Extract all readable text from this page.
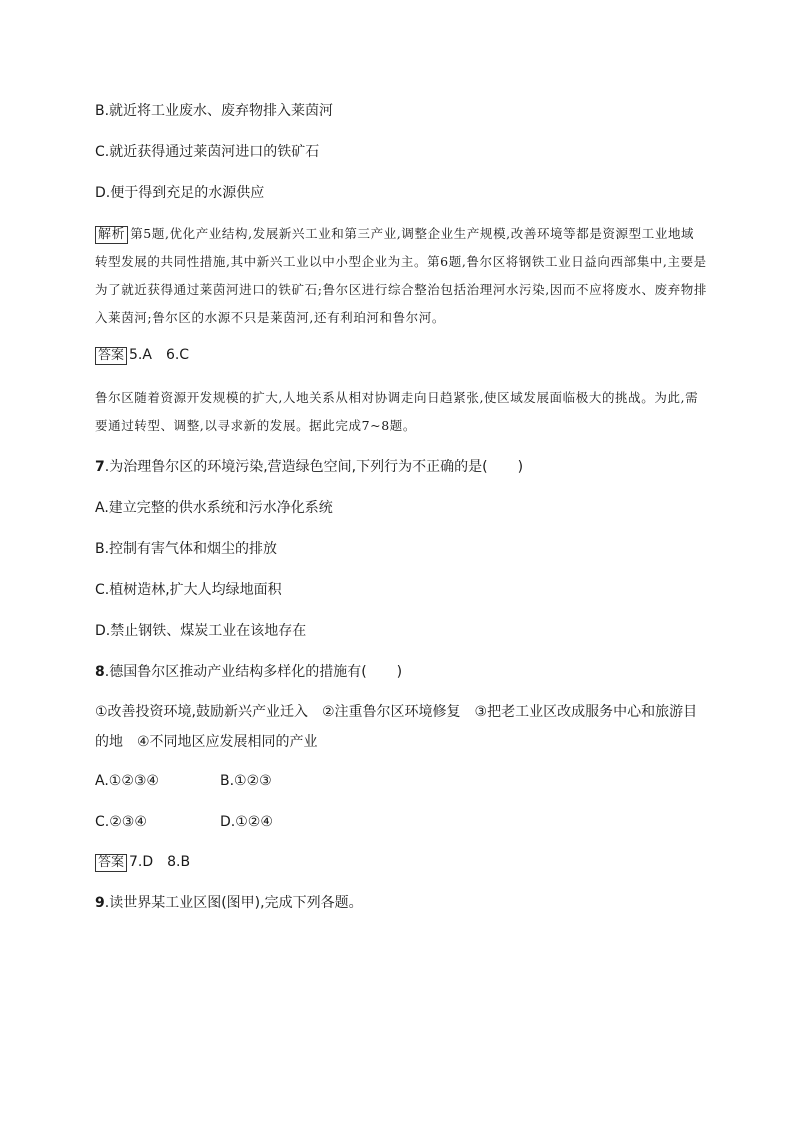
B.就近将工业废水、废弃物排入莱茵河
C.就近获得通过莱茵河进口的铁矿石
D.便于得到充足的水源供应
解析 第5题,优化产业结构,发展新兴工业和第三产业,调整企业生产规模,改善环境等都是资源型工业地域转型发展的共同性措施,其中新兴工业以中小型企业为主。第6题,鲁尔区将钢铁工业日益向西部集中,主要是为了就近获得通过莱茵河进口的铁矿石;鲁尔区进行综合整治包括治理河水污染,因而不应将废水、废弃物排入莱茵河;鲁尔区的水源不只是莱茵河,还有利珀河和鲁尔河。
答案 5.A　6.C
鲁尔区随着资源开发规模的扩大,人地关系从相对协调走向日趋紧张,使区域发展面临极大的挑战。为此,需要通过转型、调整,以寻求新的发展。据此完成7~8题。
7.为治理鲁尔区的环境污染,营造绿色空间,下列行为不正确的是( )
A.建立完整的供水系统和污水净化系统
B.控制有害气体和烟尘的排放
C.植树造林,扩大人均绿地面积
D.禁止钢铁、煤炭工业在该地存在
8.德国鲁尔区推动产业结构多样化的措施有( )
①改善投资环境,鼓励新兴产业迁入　②注重鲁尔区环境修复　③把老工业区改成服务中心和旅游目的地　④不同地区应发展相同的产业
A.①②③④	B.①②③
C.②③④	D.①②④
答案 7.D　8.B
9.读世界某工业区图(图甲),完成下列各题。
